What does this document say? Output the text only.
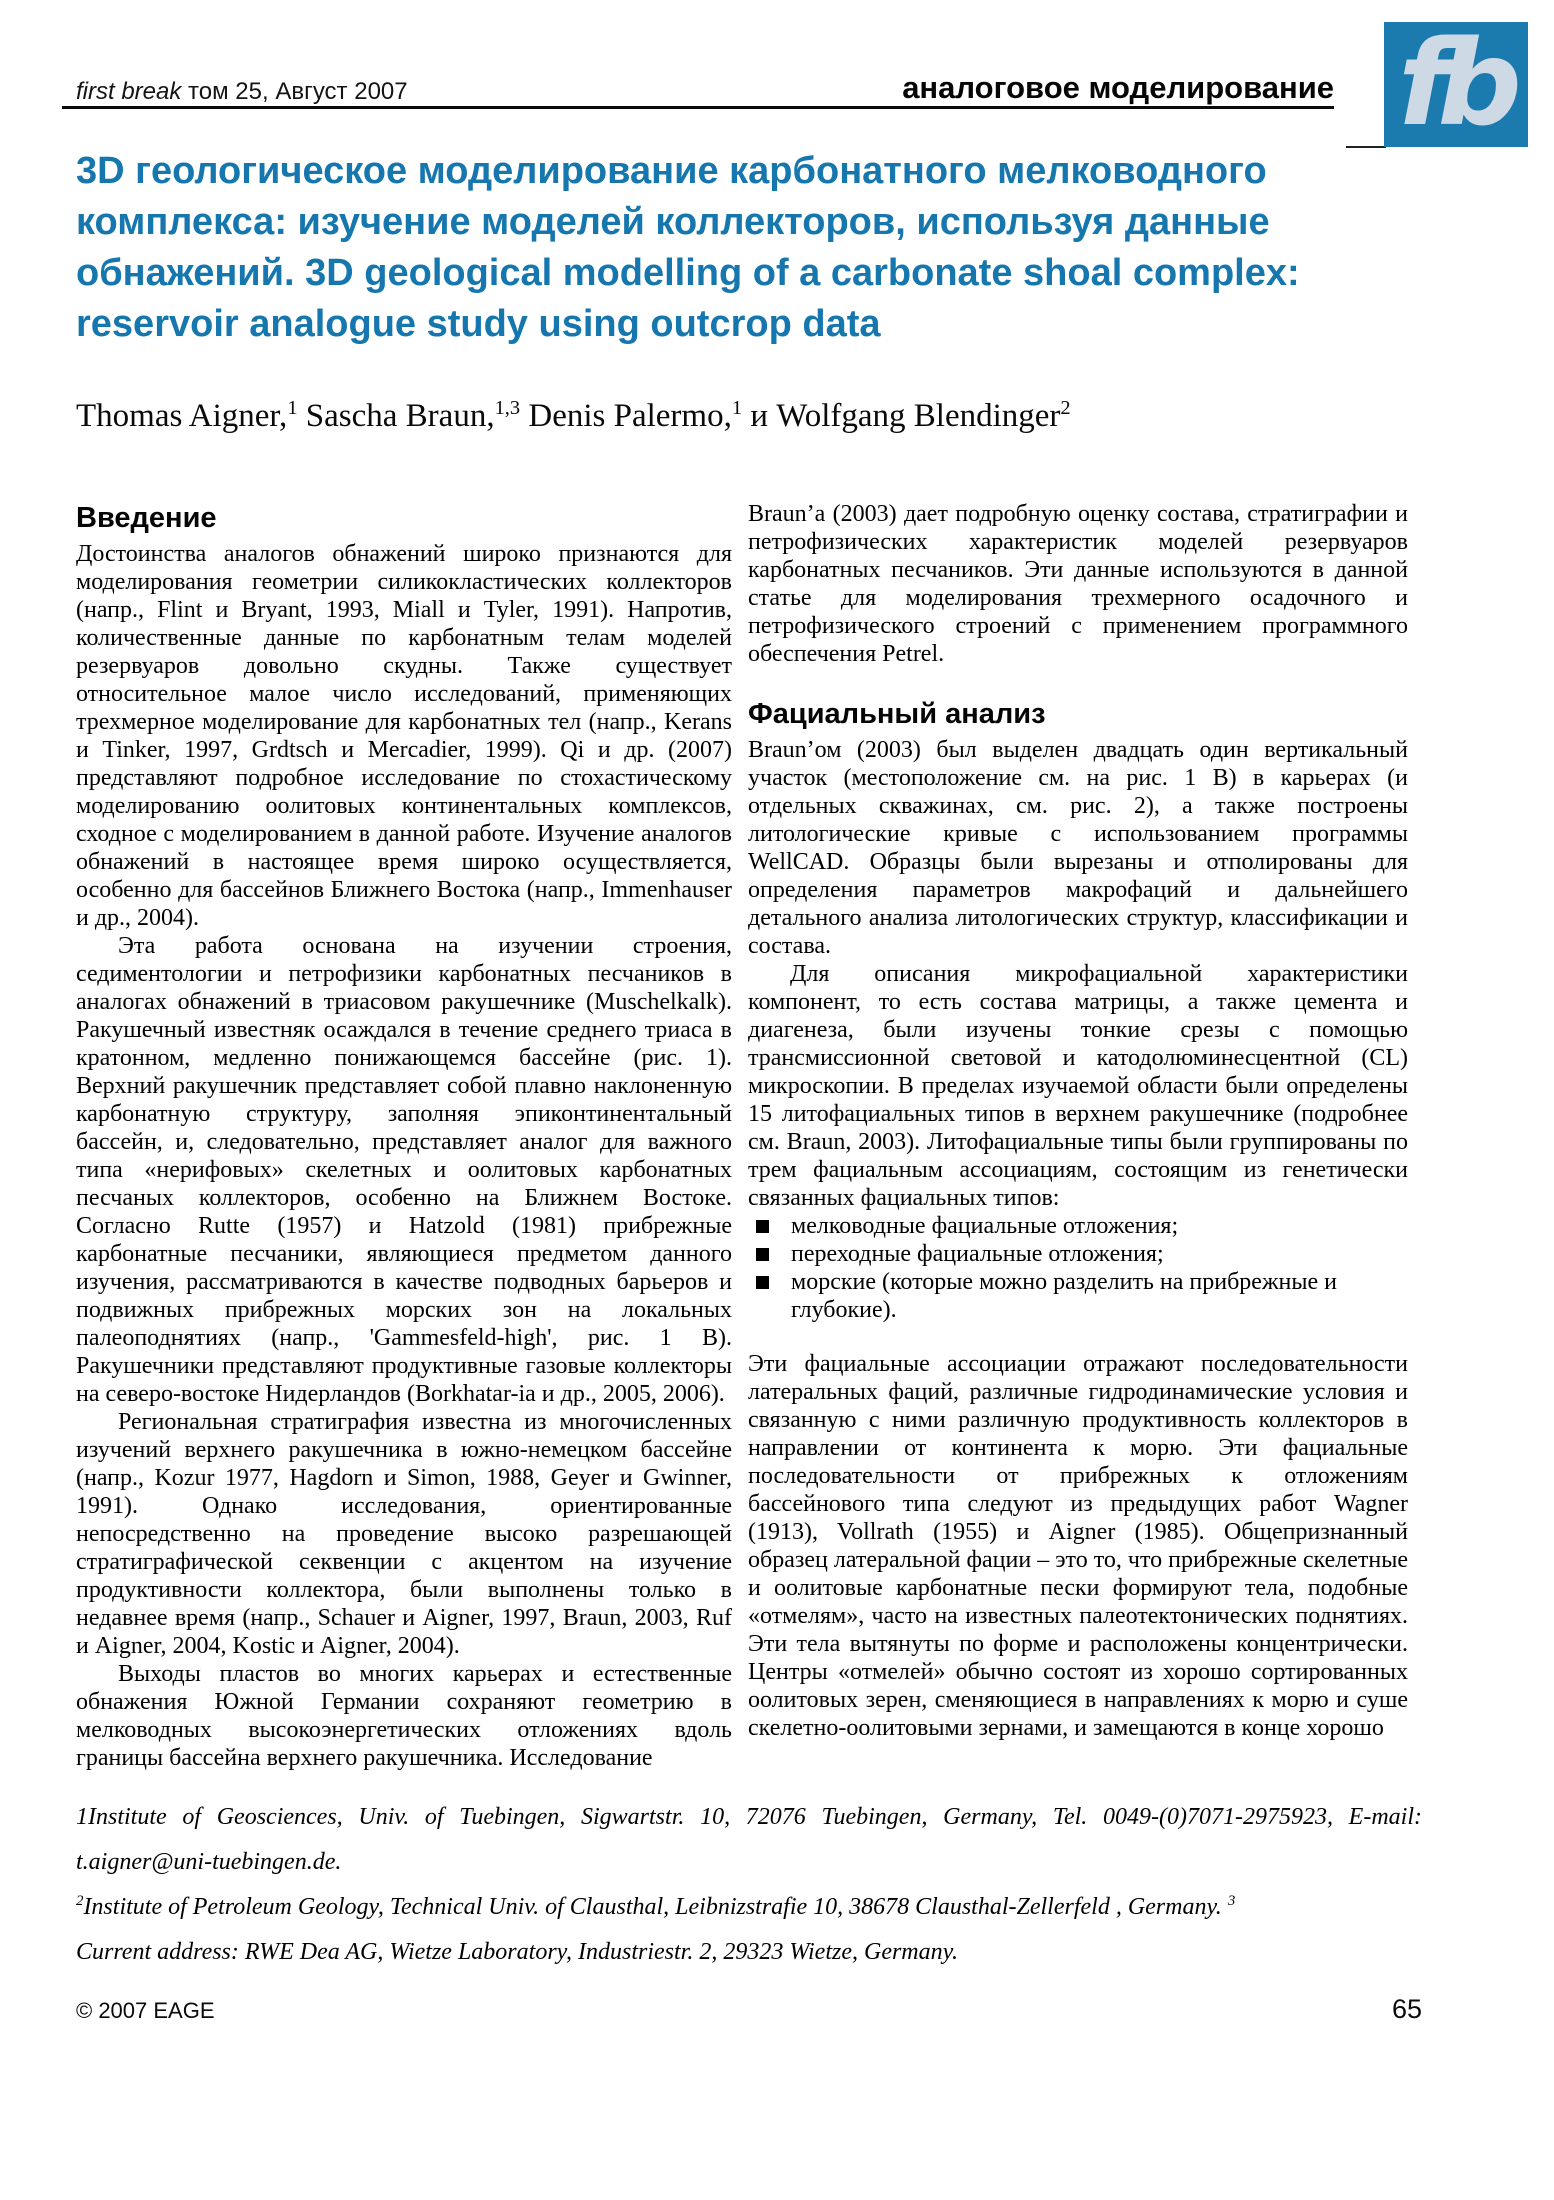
first break том 25, Август 2007	аналоговое моделирование fb
3D геологическое моделирование карбонатного мелководного
комплекса: изучение моделей коллекторов, используя данные
обнажений. 3D geological modelling of a carbonate shoal complex:
reservoir analogue study using outcrop data
Thomas Aigner,$^1$ Sascha Braun,$^{1,3}$ Denis Palermo,$^1$ и Wolfgang Blendinger$^2$
Введение

Достоинства аналогов обнажений широко признаются для моделирования геометрии силикокластических коллекторов (напр., Flint и Bryant, 1993, Miall и Tyler, 1991). Напротив, количественные данные по карбонатным телам моделей резервуаров довольно скудны. Также существует относительное малое число исследований, применяющих трехмерное моделирование для карбонатных тел (напр., Kerans и Tinker, 1997, Grdtsch и Mercadier, 1999). Qi и др. (2007) представляют подробное исследование по стохастическому моделированию оолитовых континентальных комплексов, сходное с моделированием в данной работе. Изучение аналогов обнажений в настоящее время широко осуществляется, особенно для бассейнов Ближнего Востока (напр., Immenhauser и др., 2004).

Эта работа основана на изучении строения, седиментологии и петрофизики карбонатных песчаников в аналогах обнажений в триасовом ракушечнике (Muschelkalk). Ракушечный известняк осаждался в течение среднего триаса в кратонном, медленно понижающемся бассейне (рис. 1). Верхний ракушечник представляет собой плавно наклоненную карбонатную структуру, заполняя эпиконтинентальный бассейн, и, следовательно, представляет аналог для важного типа «нерифовых» скелетных и оолитовых карбонатных песчаных коллекторов, особенно на Ближнем Востоке. Согласно Rutte (1957) и Hatzold (1981) прибрежные карбонатные песчаники, являющиеся предметом данного изучения, рассматриваются в качестве подводных барьеров и подвижных прибрежных морских зон на локальных палеоподнятиях (напр., 'Gammesfeld-high', рис. 1 В). Ракушечники представляют продуктивные газовые коллекторы на северо-востоке Нидерландов (Borkhatar-ia и др., 2005, 2006).

Региональная стратиграфия известна из многочисленных изучений верхнего ракушечника в южно-немецком бассейне (напр., Kozur 1977, Hagdorn и Simon, 1988, Geyer и Gwinner, 1991). Однако исследования, ориентированные непосредственно на проведение высоко разрешающей стратиграфической секвенции с акцентом на изучение продуктивности коллектора, были выполнены только в недавнее время (напр., Schauer и Aigner, 1997, Braun, 2003, Ruf и Aigner, 2004, Kostic и Aigner, 2004).

Выходы пластов во многих карьерах и естественные обнажения Южной Германии сохраняют геометрию в мелководных высокоэнергетических отложениях вдоль границы бассейна верхнего ракушечника. Исследование

Braun’a (2003) дает подробную оценку состава, стратиграфии и петрофизических характеристик моделей резервуаров карбонатных песчаников. Эти данные используются в данной статье для моделирования трехмерного осадочного и петрофизического строений с применением программного обеспечения Petrel.

Фациальный анализ

Braun’ом (2003) был выделен двадцать один вертикальный участок (местоположение см. на рис. 1 В) в карьерах (и отдельных скважинах, см. рис. 2), а также построены литологические кривые с использованием программы WellCAD. Образцы были вырезаны и отполированы для определения параметров макрофаций и дальнейшего детального анализа литологических структур, классификации и состава.

Для описания микрофациальной характеристики компонент, то есть состава матрицы, а также цемента и диагенеза, были изучены тонкие срезы с помощью трансмиссионной световой и катодолюминесцентной (CL) микроскопии. В пределах изучаемой области были определены 15 литофациальных типов в верхнем ракушечнике (подробнее см. Braun, 2003). Литофациальные типы были группированы по трем фациальным ассоциациям, состоящим из генетически связанных фациальных типов:

мелководные фациальные отложения;
переходные фациальные отложения;
морские (которые можно разделить на прибрежные и глубокие).

Эти фациальные ассоциации отражают последовательности латеральных фаций, различные гидродинамические условия и связанную с ними различную продуктивность коллекторов в направлении от континента к морю. Эти фациальные последовательности от прибрежных к отложениям бассейнового типа следуют из предыдущих работ Wagner (1913), Vollrath (1955) и Aigner (1985). Общепризнанный образец латеральной фации – это то, что прибрежные скелетные и оолитовые карбонатные пески формируют тела, подобные «отмелям», часто на известных палеотектонических поднятиях. Эти тела вытянуты по форме и расположены концентрически. Центры «отмелей» обычно состоят из хорошо сортированных оолитовых зерен, сменяющиеся в направлениях к морю и суше скелетно-оолитовыми зернами, и замещаются в конце хорошо

1Institute of Geosciences, Univ. of Tuebingen, Sigwartstr. 10, 72076 Tuebingen, Germany, Tel. 0049-(0)7071-2975923, E-mail: t.aigner@uni-tuebingen.de.

$^2$Institute of Petroleum Geology, Technical Univ. of Clausthal, Leibnizstrafie 10, 38678 Clausthal-Zellerfeld , Germany. $^3$

Current address: RWE Dea AG, Wietze Laboratory, Industriestr. 2, 29323 Wietze, Germany.

© 2007 EAGE	65
